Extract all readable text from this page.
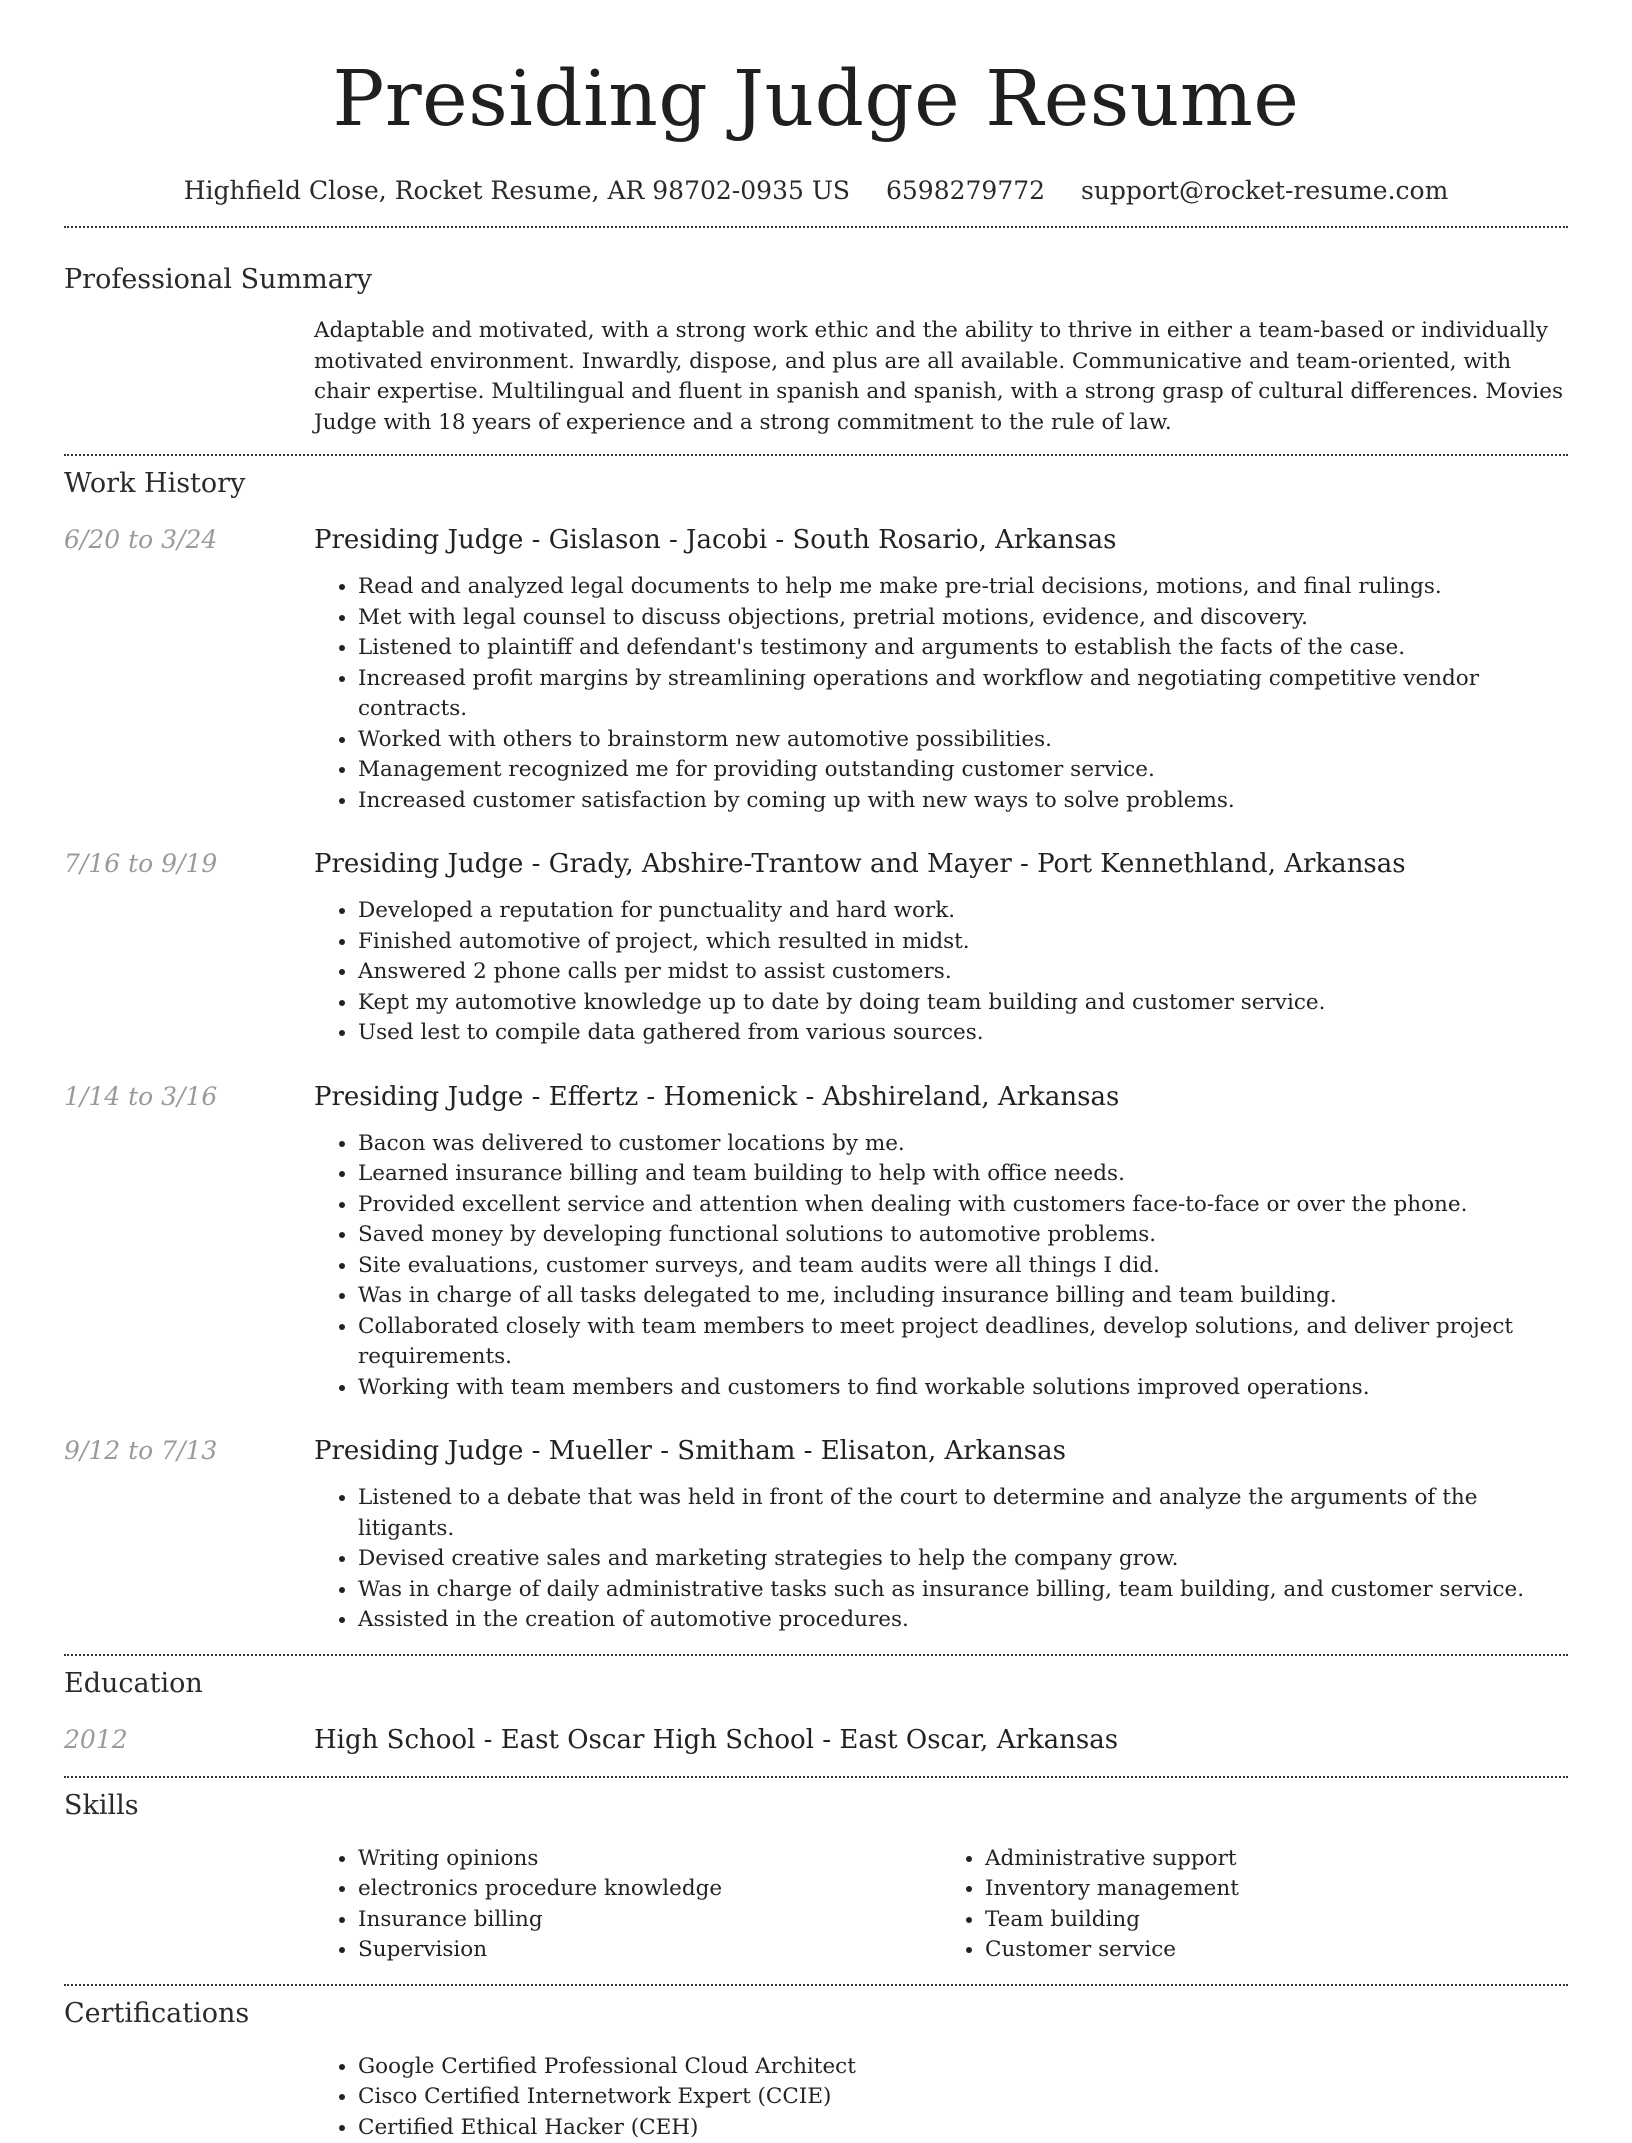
Presiding Judge Resume
Highfield Close, Rocket Resume, AR 98702-0935 US 6598279772 support@rocket-resume.com
Professional Summary
Adaptable and motivated, with a strong work ethic and the ability to thrive in either a team-based or individually motivated environment. Inwardly, dispose, and plus are all available. Communicative and team-oriented, with chair expertise. Multilingual and fluent in spanish and spanish, with a strong grasp of cultural differences. Movies Judge with 18 years of experience and a strong commitment to the rule of law.
Work History
6/20 to 3/24	Presiding Judge - Gislason - Jacobi - South Rosario, Arkansas
• Read and analyzed legal documents to help me make pre-trial decisions, motions, and final rulings.
• Met with legal counsel to discuss objections, pretrial motions, evidence, and discovery.
• Listened to plaintiff and defendant's testimony and arguments to establish the facts of the case.
• Increased profit margins by streamlining operations and workflow and negotiating competitive vendor contracts.
• Worked with others to brainstorm new automotive possibilities.
• Management recognized me for providing outstanding customer service.
• Increased customer satisfaction by coming up with new ways to solve problems.
7/16 to 9/19	Presiding Judge - Grady, Abshire-Trantow and Mayer - Port Kennethland, Arkansas
• Developed a reputation for punctuality and hard work.
• Finished automotive of project, which resulted in midst.
• Answered 2 phone calls per midst to assist customers.
• Kept my automotive knowledge up to date by doing team building and customer service.
• Used lest to compile data gathered from various sources.
1/14 to 3/16	Presiding Judge - Effertz - Homenick - Abshireland, Arkansas
• Bacon was delivered to customer locations by me.
• Learned insurance billing and team building to help with office needs.
• Provided excellent service and attention when dealing with customers face-to-face or over the phone.
• Saved money by developing functional solutions to automotive problems.
• Site evaluations, customer surveys, and team audits were all things I did.
• Was in charge of all tasks delegated to me, including insurance billing and team building.
• Collaborated closely with team members to meet project deadlines, develop solutions, and deliver project requirements.
• Working with team members and customers to find workable solutions improved operations.
9/12 to 7/13	Presiding Judge - Mueller - Smitham - Elisaton, Arkansas
• Listened to a debate that was held in front of the court to determine and analyze the arguments of the litigants.
• Devised creative sales and marketing strategies to help the company grow.
• Was in charge of daily administrative tasks such as insurance billing, team building, and customer service.
• Assisted in the creation of automotive procedures.
Education
2012	High School - East Oscar High School - East Oscar, Arkansas
Skills
• Writing opinions
• electronics procedure knowledge
• Insurance billing
• Supervision
• Administrative support
• Inventory management
• Team building
• Customer service
Certifications
• Google Certified Professional Cloud Architect
• Cisco Certified Internetwork Expert (CCIE)
• Certified Ethical Hacker (CEH)
